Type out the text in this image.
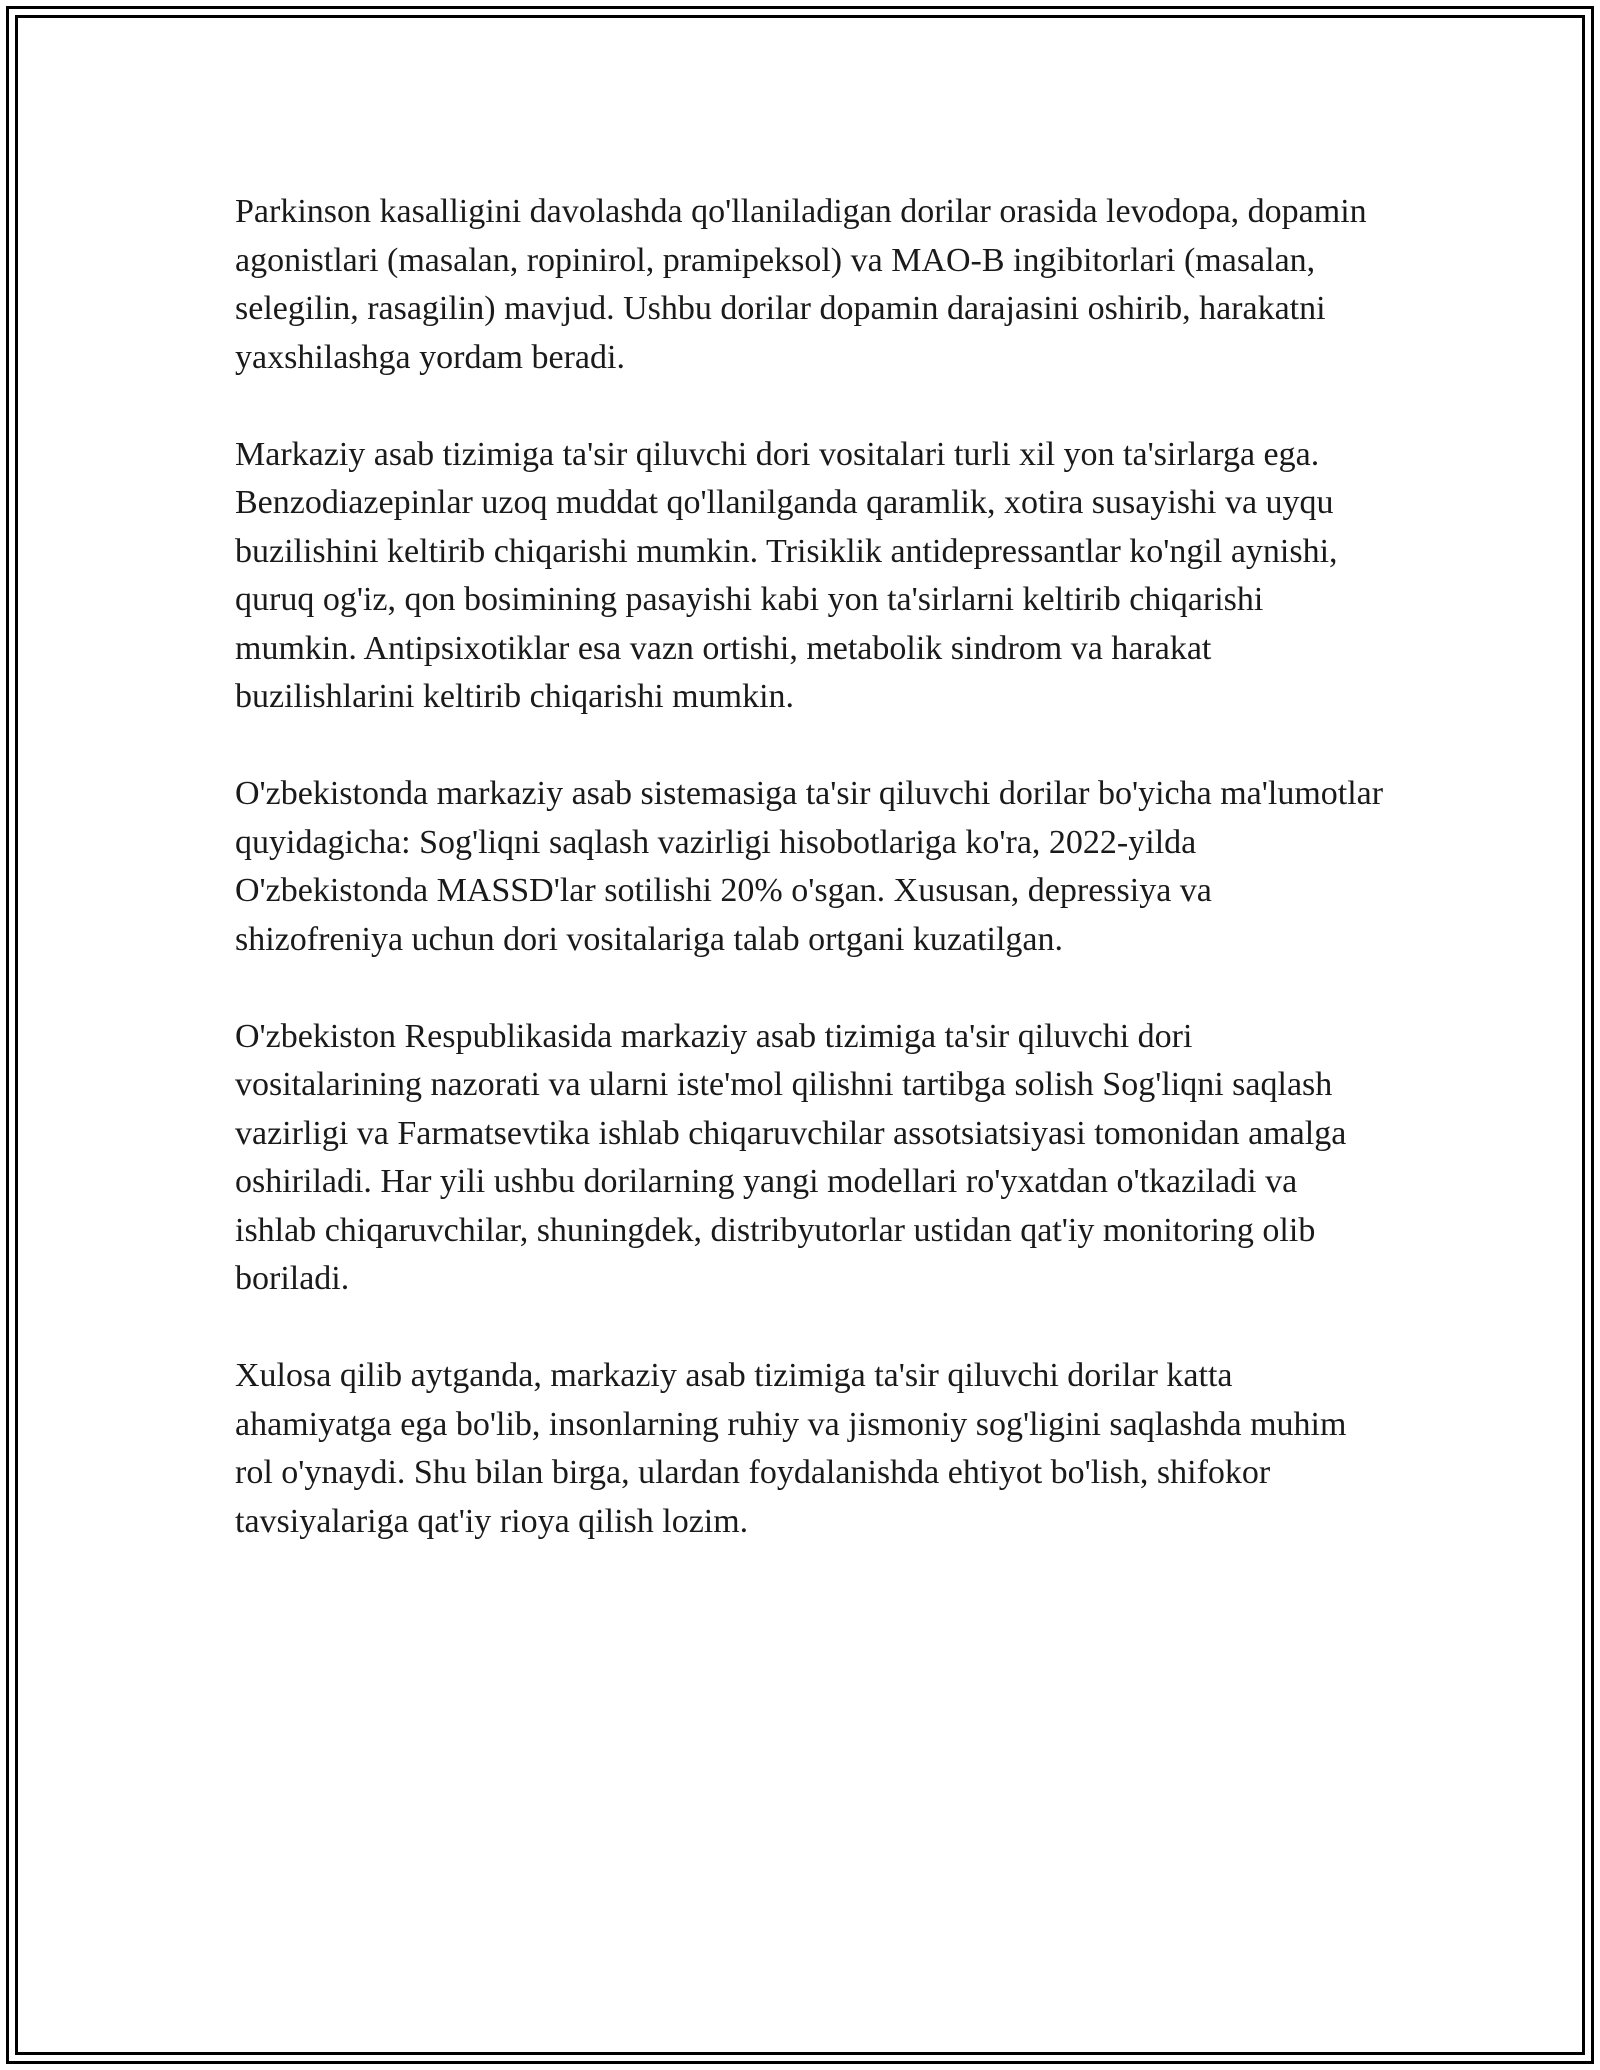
Parkinson kasalligini davolashda qo'llaniladigan dorilar orasida levodopa, dopamin agonistlari (masalan, ropinirol, pramipeksol) va MAO-B ingibitorlari (masalan, selegilin, rasagilin) mavjud. Ushbu dorilar dopamin darajasini oshirib, harakatni yaxshilashga yordam beradi.

Markaziy asab tizimiga ta'sir qiluvchi dori vositalari turli xil yon ta'sirlarga ega. Benzodiazepinlar uzoq muddat qo'llanilganda qaramlik, xotira susayishi va uyqu buzilishini keltirib chiqarishi mumkin. Trisiklik antidepressantlar ko'ngil aynishi, quruq og'iz, qon bosimining pasayishi kabi yon ta'sirlarni keltirib chiqarishi mumkin. Antipsixotiklar esa vazn ortishi, metabolik sindrom va harakat buzilishlarini keltirib chiqarishi mumkin.

O'zbekistonda markaziy asab sistemasiga ta'sir qiluvchi dorilar bo'yicha ma'lumotlar quyidagicha: Sog'liqni saqlash vazirligi hisobotlariga ko'ra, 2022-yilda O'zbekistonda MASSD'lar sotilishi 20% o'sgan. Xususan, depressiya va shizofreniya uchun dori vositalariga talab ortgani kuzatilgan.

O'zbekiston Respublikasida markaziy asab tizimiga ta'sir qiluvchi dori vositalarining nazorati va ularni iste'mol qilishni tartibga solish Sog'liqni saqlash vazirligi va Farmatsevtika ishlab chiqaruvchilar assotsiatsiyasi tomonidan amalga oshiriladi. Har yili ushbu dorilarning yangi modellari ro'yxatdan o'tkaziladi va ishlab chiqaruvchilar, shuningdek, distribyutorlar ustidan qat'iy monitoring olib boriladi.

Xulosa qilib aytganda, markaziy asab tizimiga ta'sir qiluvchi dorilar katta ahamiyatga ega bo'lib, insonlarning ruhiy va jismoniy sog'ligini saqlashda muhim rol o'ynaydi. Shu bilan birga, ulardan foydalanishda ehtiyot bo'lish, shifokor tavsiyalariga qat'iy rioya qilish lozim.
